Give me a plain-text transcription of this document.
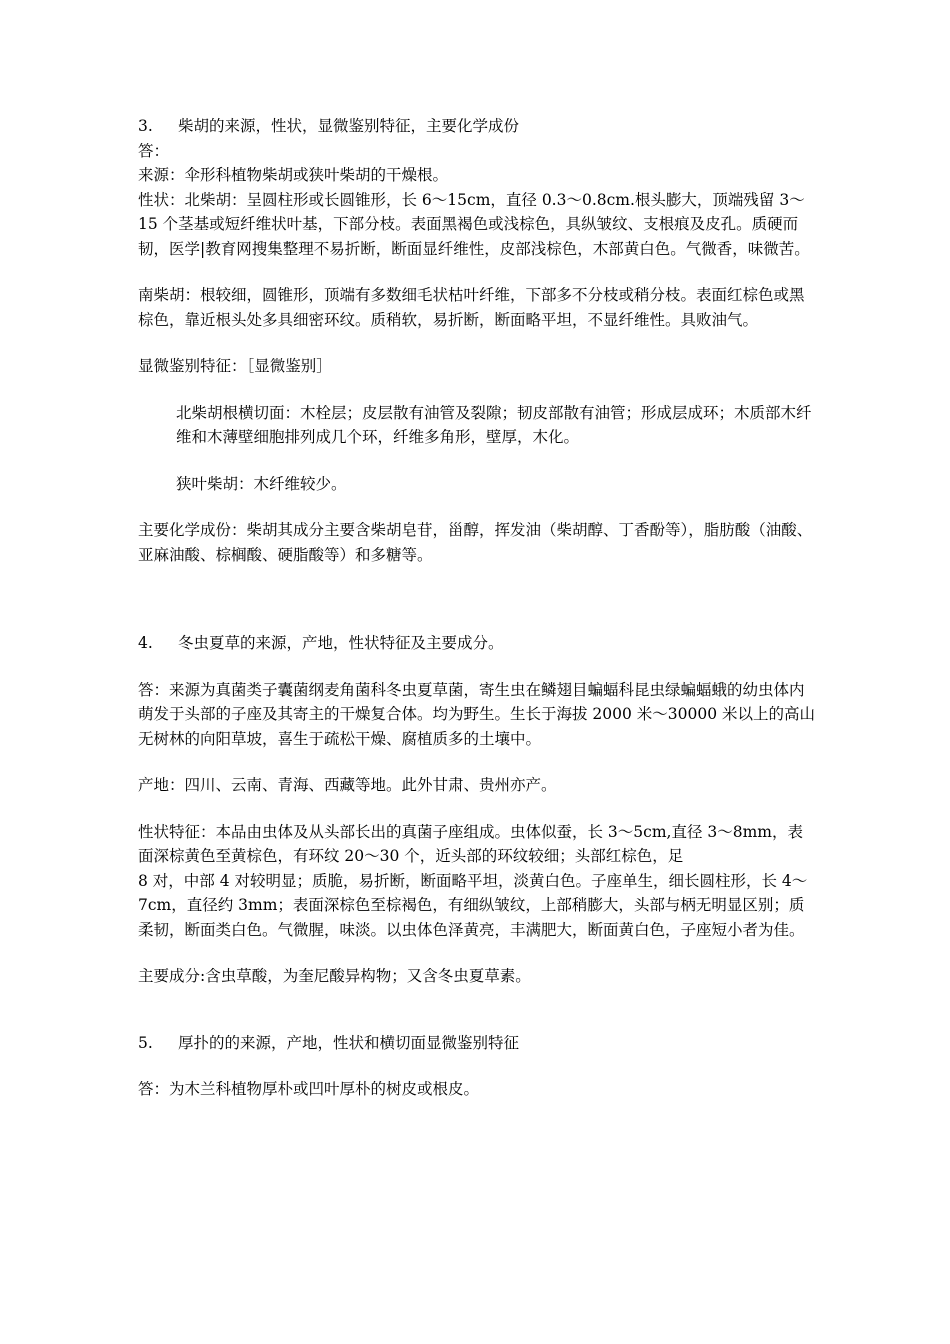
3.	柴胡的来源，性状，显微鉴别特征，主要化学成份

答：

来源：伞形科植物柴胡或狭叶柴胡的干燥根。

性状：北柴胡：呈圆柱形或长圆锥形，长 6～15cm，直径 0.3～0.8cm.根头膨大，顶端残留 3～15 个茎基或短纤维状叶基，下部分枝。表面黑褐色或浅棕色，具纵皱纹、支根痕及皮孔。质硬而韧，医学|教育网搜集整理不易折断，断面显纤维性，皮部浅棕色，木部黄白色。气微香，味微苦。

南柴胡：根较细，圆锥形，顶端有多数细毛状枯叶纤维，下部多不分枝或稍分枝。表面红棕色或黑棕色，靠近根头处多具细密环纹。质稍软，易折断，断面略平坦，不显纤维性。具败油气。

显微鉴别特征：［显微鉴别］

北柴胡根横切面：木栓层；皮层散有油管及裂隙；韧皮部散有油管；形成层成环；木质部木纤维和木薄壁细胞排列成几个环，纤维多角形，壁厚，木化。

狭叶柴胡：木纤维较少。

主要化学成份：柴胡其成分主要含柴胡皂苷，甾醇，挥发油（柴胡醇、丁香酚等），脂肪酸（油酸、亚麻油酸、棕榈酸、硬脂酸等）和多糖等。

4.	冬虫夏草的来源，产地，性状特征及主要成分。

答：来源为真菌类子囊菌纲麦角菌科冬虫夏草菌，寄生虫在鳞翅目蝙蝠科昆虫绿蝙蝠蛾的幼虫体内萌发于头部的子座及其寄主的干燥复合体。均为野生。生长于海拔 2000 米～30000 米以上的高山无树林的向阳草坡，喜生于疏松干燥、腐植质多的土壤中。

产地：四川、云南、青海、西藏等地。此外甘肃、贵州亦产。

性状特征：本品由虫体及从头部长出的真菌子座组成。虫体似蚕，长 3～5cm,直径 3～8mm，表面深棕黄色至黄棕色，有环纹 20～30 个，近头部的环纹较细；头部红棕色，足

8 对，中部 4 对较明显；质脆，易折断，断面略平坦，淡黄白色。子座单生，细长圆柱形，长 4～7cm，直径约 3mm；表面深棕色至棕褐色，有细纵皱纹，上部稍膨大，头部与柄无明显区别；质柔韧，断面类白色。气微腥，味淡。以虫体色泽黄亮，丰满肥大，断面黄白色，子座短小者为佳。

主要成分:含虫草酸，为奎尼酸异构物；又含冬虫夏草素。

5.	厚扑的的来源，产地，性状和横切面显微鉴别特征

答：为木兰科植物厚朴或凹叶厚朴的树皮或根皮。
